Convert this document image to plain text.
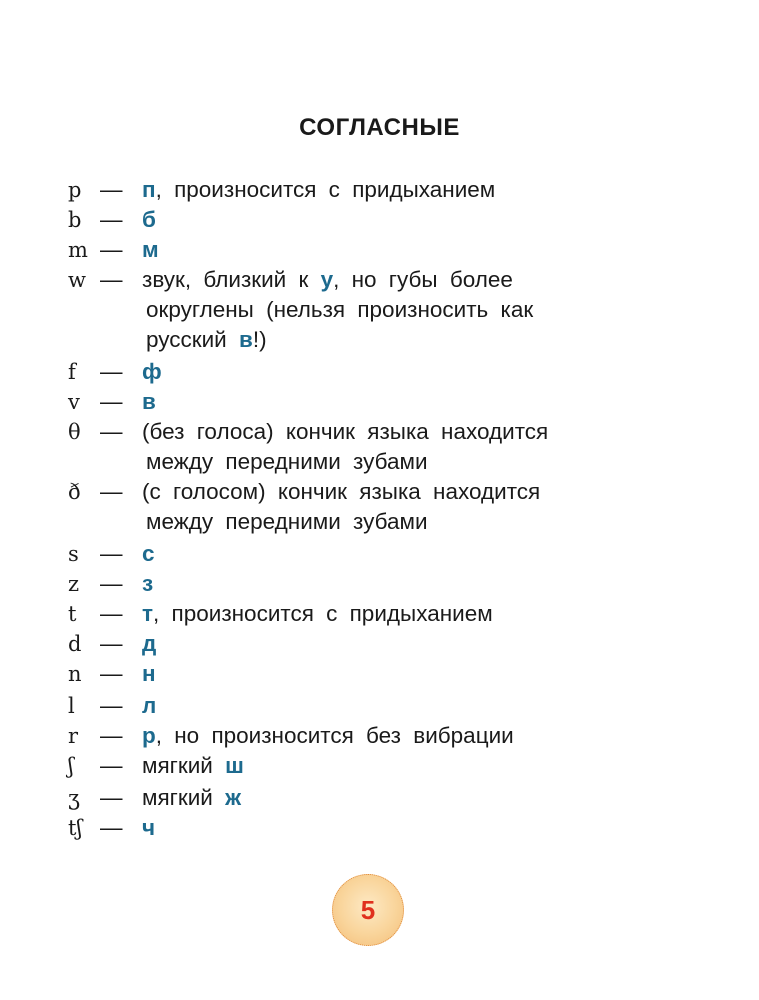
СОГЛАСНЫЕ
p — п, произносится с придыханием
b — б
m — м
w — звук, близкий к у, но губы более
округлены (нельзя произносить как
русский в!)
f	— ф
v — в
θ — (без голоса) кончик языка находится
между передними зубами
ð — (с голосом) кончик языка находится
между передними зубами
s — с
z — з
t	— т, произносится с придыханием
d — д
n — н
l	— л
r — р, но произносится без вибрации
ʃ	— мягкий ш
ʒ — мягкий ж
tʃ — ч
5
